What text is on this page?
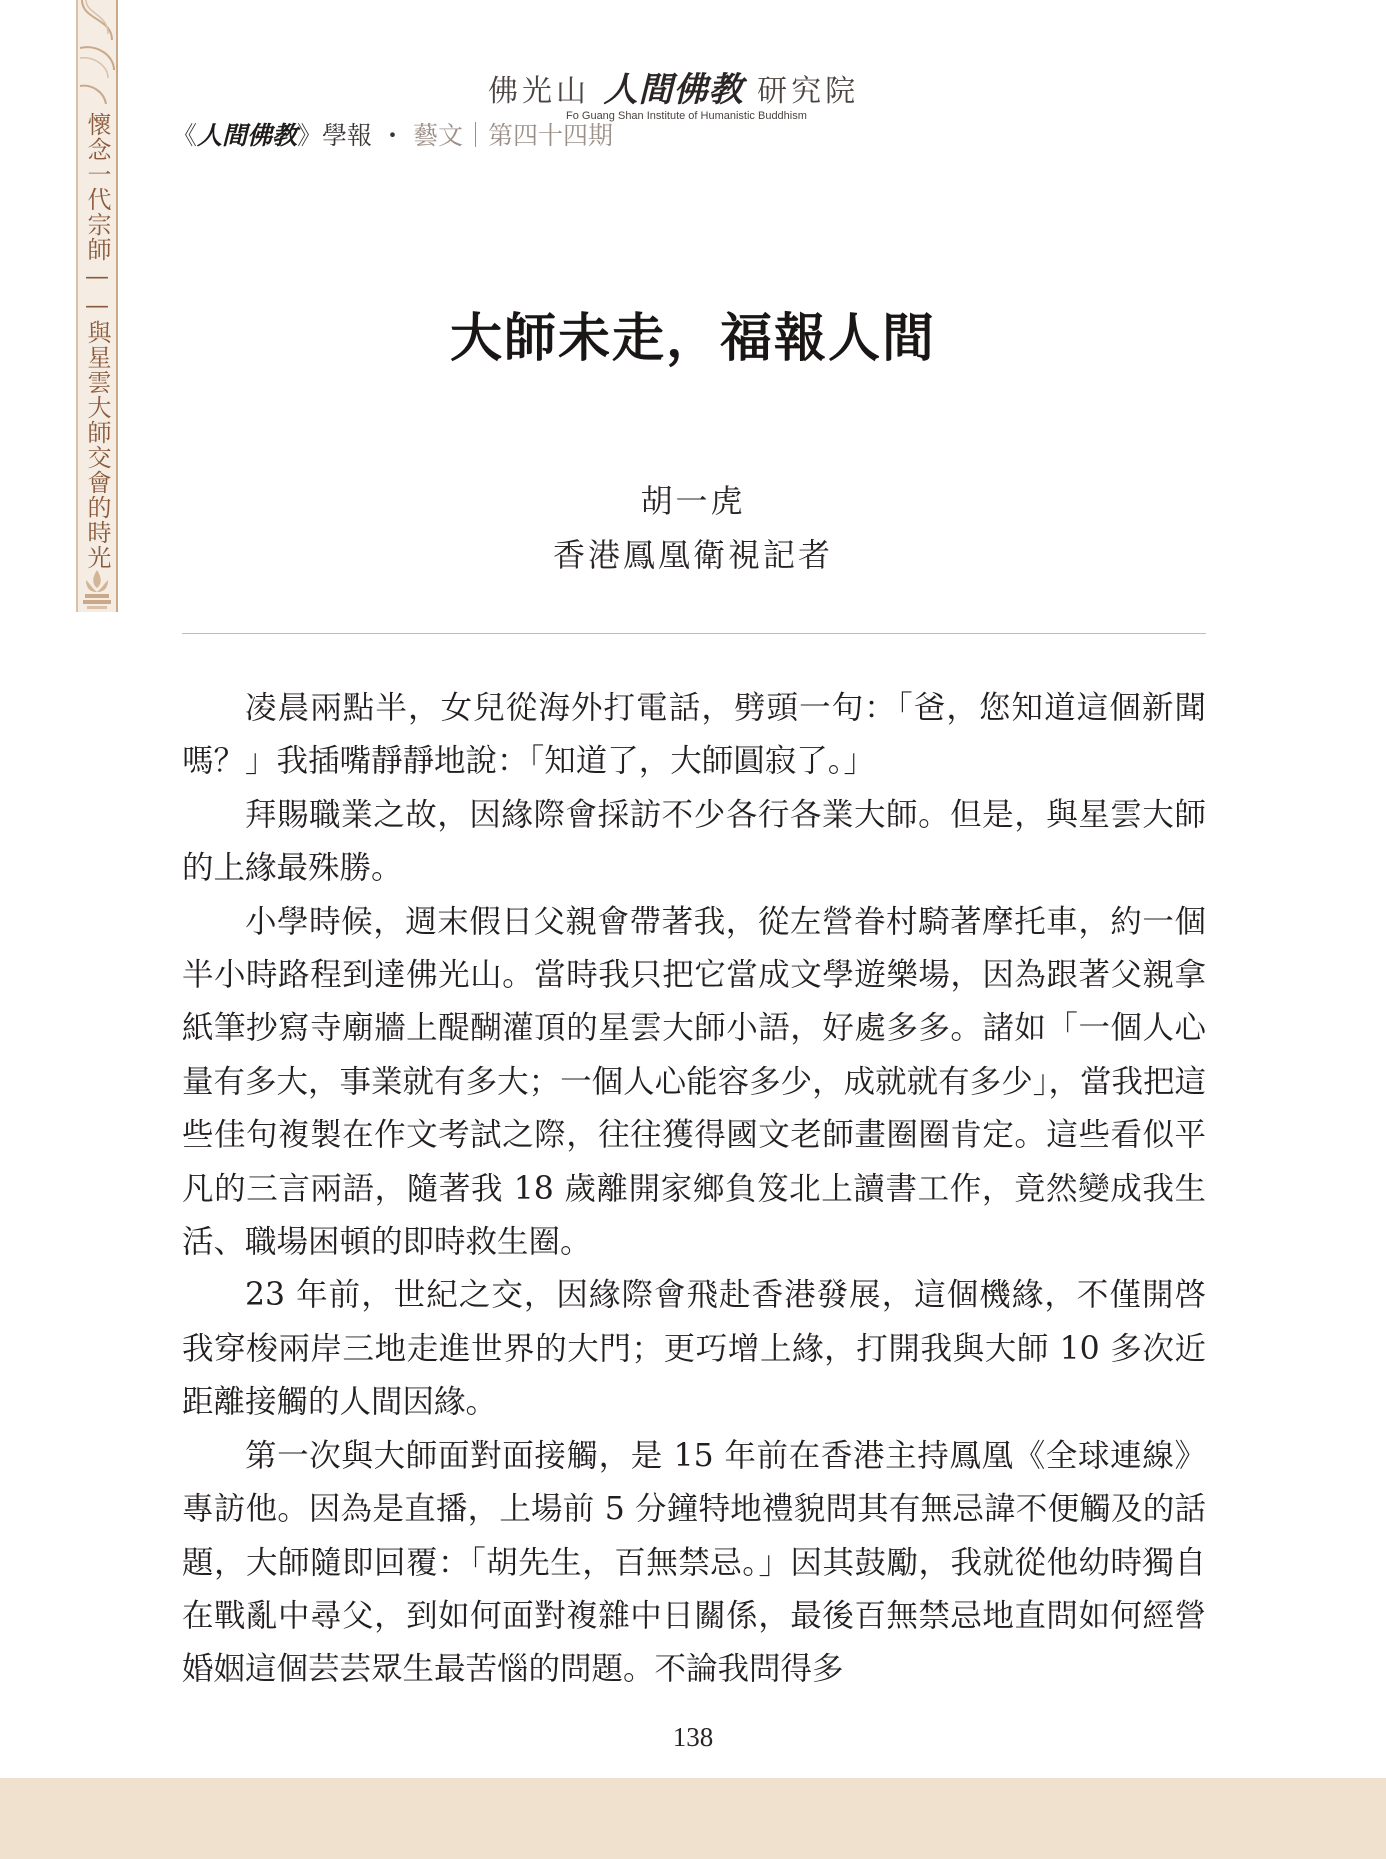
懷念一代宗師——與星雲大師交會的時光
佛光山 人間佛教 研究院
Fo Guang Shan Institute of Humanistic Buddhism
《人間佛教》學報 ・ 藝文｜第四十四期
大師未走，福報人間
胡一虎
香港鳳凰衛視記者

凌晨兩點半，女兒從海外打電話，劈頭一句：「爸，您知道這個新聞嗎？」我插嘴靜靜地說：「知道了，大師圓寂了。」

拜賜職業之故，因緣際會採訪不少各行各業大師。但是，與星雲大師的上緣最殊勝。

小學時候，週末假日父親會帶著我，從左營眷村騎著摩托車，約一個半小時路程到達佛光山。當時我只把它當成文學遊樂場，因為跟著父親拿紙筆抄寫寺廟牆上醍醐灌頂的星雲大師小語，好處多多。諸如「一個人心量有多大，事業就有多大；一個人心能容多少，成就就有多少」，當我把這些佳句複製在作文考試之際，往往獲得國文老師畫圈圈肯定。這些看似平凡的三言兩語，隨著我 18 歲離開家鄉負笈北上讀書工作，竟然變成我生活、職場困頓的即時救生圈。

23 年前，世紀之交，因緣際會飛赴香港發展，這個機緣，不僅開啓我穿梭兩岸三地走進世界的大門；更巧增上緣，打開我與大師 10 多次近距離接觸的人間因緣。

第一次與大師面對面接觸，是 15 年前在香港主持鳳凰《全球連線》專訪他。因為是直播，上場前 5 分鐘特地禮貌問其有無忌諱不便觸及的話題，大師隨即回覆：「胡先生，百無禁忌。」因其鼓勵，我就從他幼時獨自在戰亂中尋父，到如何面對複雜中日關係，最後百無禁忌地直問如何經營婚姻這個芸芸眾生最苦惱的問題。不論我問得多

138
